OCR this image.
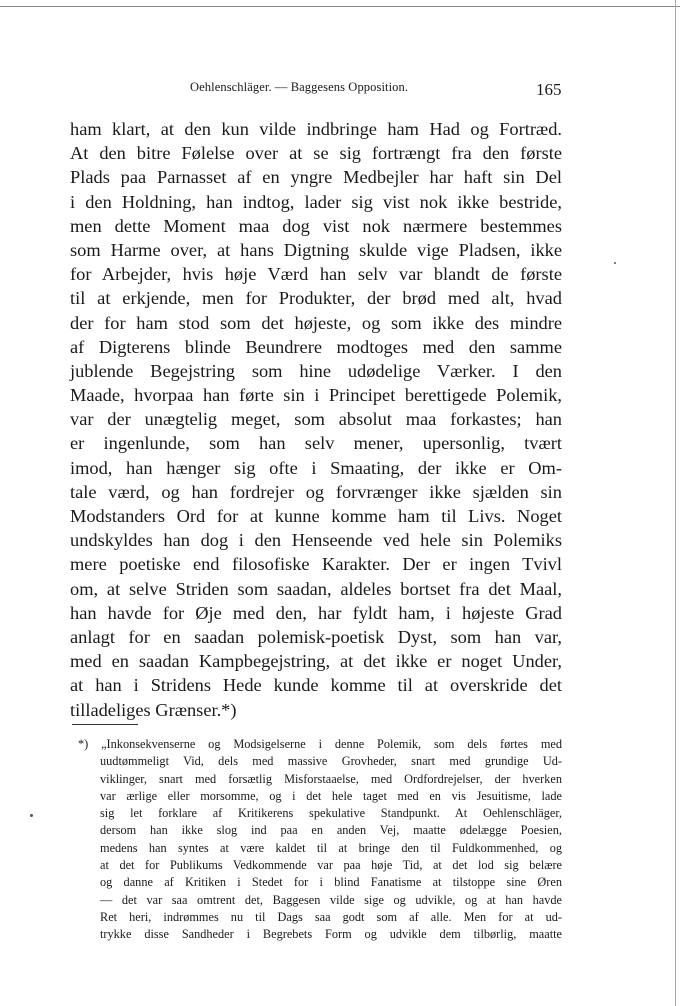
Oehlenschläger. — Baggesens Opposition.	165
ham klart, at den kun vilde indbringe ham Had og Fortræd.
At den bitre Følelse over at se sig fortrængt fra den første
Plads paa Parnasset af en yngre Medbejler har haft sin Del
i den Holdning, han indtog, lader sig vist nok ikke bestride,
men dette Moment maa dog vist nok nærmere bestemmes
som Harme over, at hans Digtning skulde vige Pladsen, ikke
for Arbejder, hvis høje Værd han selv var blandt de første
til at erkjende, men for Produkter, der brød med alt, hvad
der for ham stod som det højeste, og som ikke des mindre
af Digterens blinde Beundrere modtoges med den samme
jublende Begejstring som hine udødelige Værker. I den
Maade, hvorpaa han førte sin i Principet berettigede Polemik,
var der unægtelig meget, som absolut maa forkastes; han
er ingenlunde, som han selv mener, upersonlig, tvært
imod, han hænger sig ofte i Smaating, der ikke er Om-
tale værd, og han fordrejer og forvrænger ikke sjælden sin
Modstanders Ord for at kunne komme ham til Livs. Noget
undskyldes han dog i den Henseende ved hele sin Polemiks
mere poetiske end filosofiske Karakter. Der er ingen Tvivl
om, at selve Striden som saadan, aldeles bortset fra det Maal,
han havde for Øje med den, har fyldt ham, i højeste Grad
anlagt for en saadan polemisk-poetisk Dyst, som han var,
med en saadan Kampbegejstring, at det ikke er noget Under,
at han i Stridens Hede kunde komme til at overskride det
tilladeliges Grænser.*)
*) „Inkonsekvenserne og Modsigelserne i denne Polemik, som dels førtes med
uudtømmeligt Vid, dels med massive Grovheder, snart med grundige Ud-
viklinger, snart med forsætlig Misforstaaelse, med Ordfordrejelser, der hverken
var ærlige eller morsomme, og i det hele taget med en vis Jesuitisme, lade
sig let forklare af Kritikerens spekulative Standpunkt. At Oehlenschläger,
dersom han ikke slog ind paa en anden Vej, maatte ødelægge Poesien,
medens han syntes at være kaldet til at bringe den til Fuldkommenhed, og
at det for Publikums Vedkommende var paa høje Tid, at det lod sig belære
og danne af Kritiken i Stedet for i blind Fanatisme at tilstoppe sine Øren
— det var saa omtrent det, Baggesen vilde sige og udvikle, og at han havde
Ret heri, indrømmes nu til Dags saa godt som af alle. Men for at ud-
trykke disse Sandheder i Begrebets Form og udvikle dem tilbørlig, maatte
